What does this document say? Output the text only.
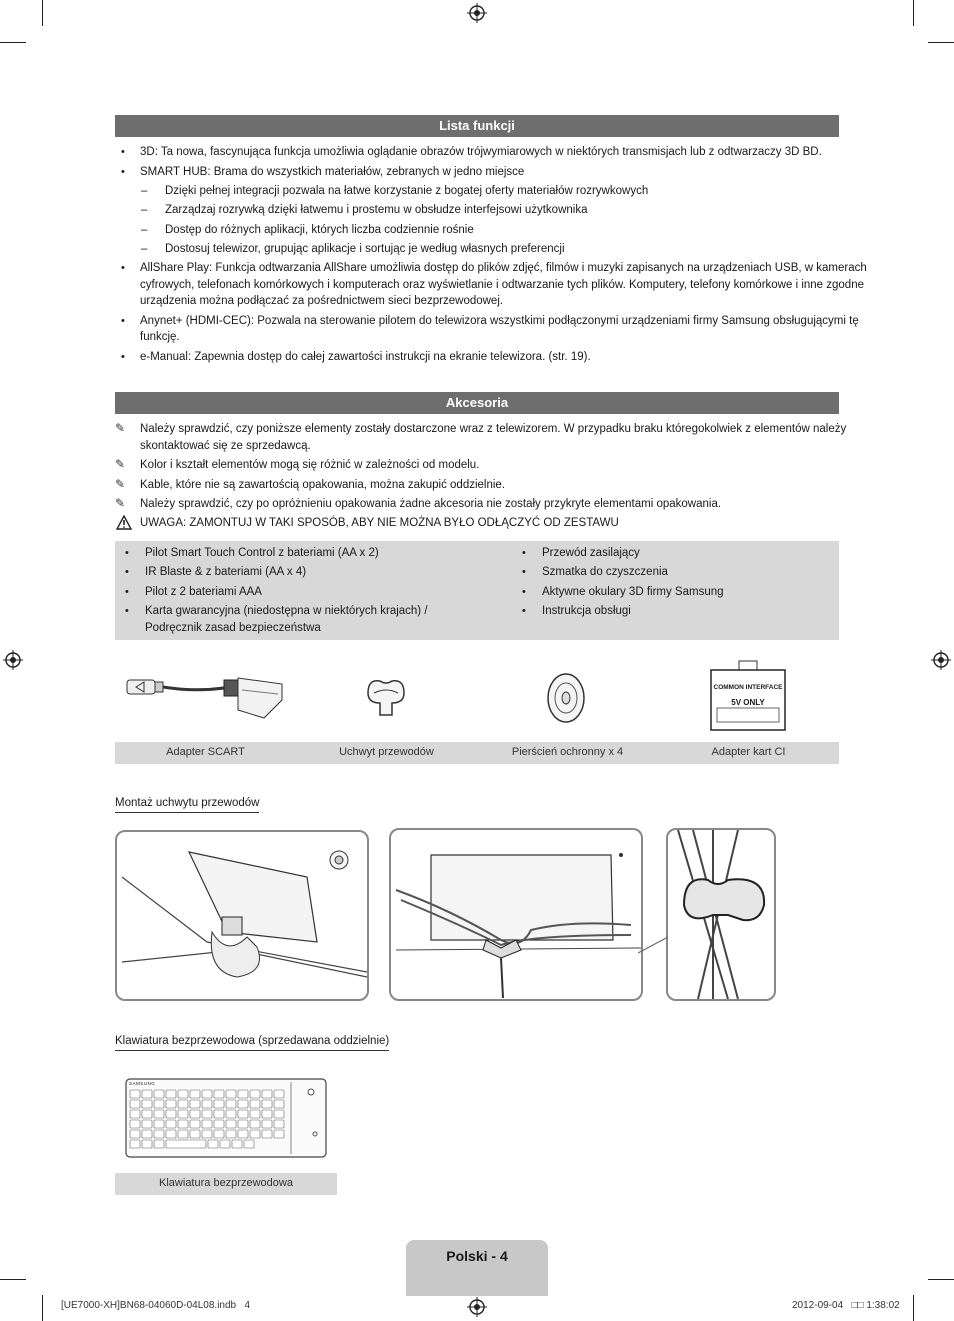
Lista funkcji
• 3D: Ta nowa, fascynująca funkcja umożliwia oglądanie obrazów trójwymiarowych w niektórych transmisjach lub z odtwarzaczy 3D BD.
• SMART HUB: Brama do wszystkich materiałów, zebranych w jedno miejsce
– Dzięki pełnej integracji pozwala na łatwe korzystanie z bogatej oferty materiałów rozrywkowych
– Zarządzaj rozrywką dzięki łatwemu i prostemu w obsłudze interfejsowi użytkownika
– Dostęp do różnych aplikacji, których liczba codziennie rośnie
– Dostosuj telewizor, grupując aplikacje i sortując je według własnych preferencji
• AllShare Play: Funkcja odtwarzania AllShare umożliwia dostęp do plików zdjęć, filmów i muzyki zapisanych na urządzeniach USB, w kamerach
cyfrowych, telefonach komórkowych i komputerach oraz wyświetlanie i odtwarzanie tych plików. Komputery, telefony komórkowe i inne zgodne
urządzenia można podłączać za pośrednictwem sieci bezprzewodowej.
• Anynet+ (HDMI-CEC): Pozwala na sterowanie pilotem do telewizora wszystkimi podłączonymi urządzeniami firmy Samsung obsługującymi tę
funkcję.
• e-Manual: Zapewnia dostęp do całej zawartości instrukcji na ekranie telewizora. (str. 19).
Akcesoria
✎ Należy sprawdzić, czy poniższe elementy zostały dostarczone wraz z telewizorem. W przypadku braku któregokolwiek z elementów należy
skontaktować się ze sprzedawcą.
✎ Kolor i kształt elementów mogą się różnić w zależności od modelu.
✎ Kable, które nie są zawartością opakowania, można zakupić oddzielnie.
✎ Należy sprawdzić, czy po opróżnieniu opakowania żadne akcesoria nie zostały przykryte elementami opakowania.
UWAGA: ZAMONTUJ W TAKI SPOSÓB, ABY NIE MOŻNA BYŁO ODŁĄCZYĆ OD ZESTAWU
• Pilot Smart Touch Control z bateriami (AA x 2)
• IR Blaste & z bateriami (AA x 4)
• Pilot z 2 bateriami AAA
• Karta gwarancyjna (niedostępna w niektórych krajach) /
Podręcznik zasad bezpieczeństwa
• Przewód zasilający
• Szmatka do czyszczenia
• Aktywne okulary 3D firmy Samsung
• Instrukcja obsługi
COMMON INTERFACE
5V ONLY
Adapter SCART	Uchwyt przewodów	Pierścień ochronny x 4	Adapter kart CI
Montaż uchwytu przewodów
Klawiatura bezprzewodowa (sprzedawana oddzielnie)
SAMSUNG
Klawiatura bezprzewodowa
Polski - 4
[UE7000-XH]BN68-04060D-04L08.indb   4	2012-09-04   □□ 1:38:02
